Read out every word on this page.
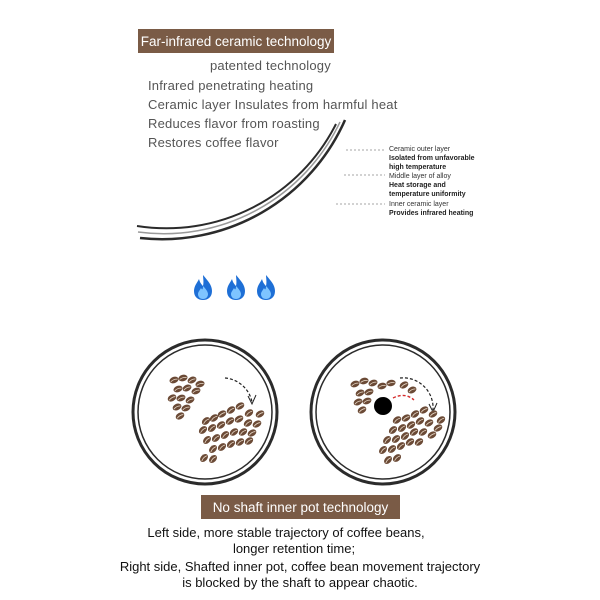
Far-infrared ceramic technology
patented technology
Infrared penetrating heating
Ceramic layer Insulates from harmful heat
Reduces flavor from roasting
Restores coffee flavor	Ceramic outer layer
Isolated from unfavorable
high temperature
Middle layer of alloy
Heat storage and
temperature uniformity
Inner ceramic layer
Provides infrared heating
No shaft inner pot technology
Left side, more stable trajectory of coffee beans,
longer retention time;
Right side, Shafted inner pot, coffee bean movement trajectory
is blocked by the shaft to appear chaotic.
